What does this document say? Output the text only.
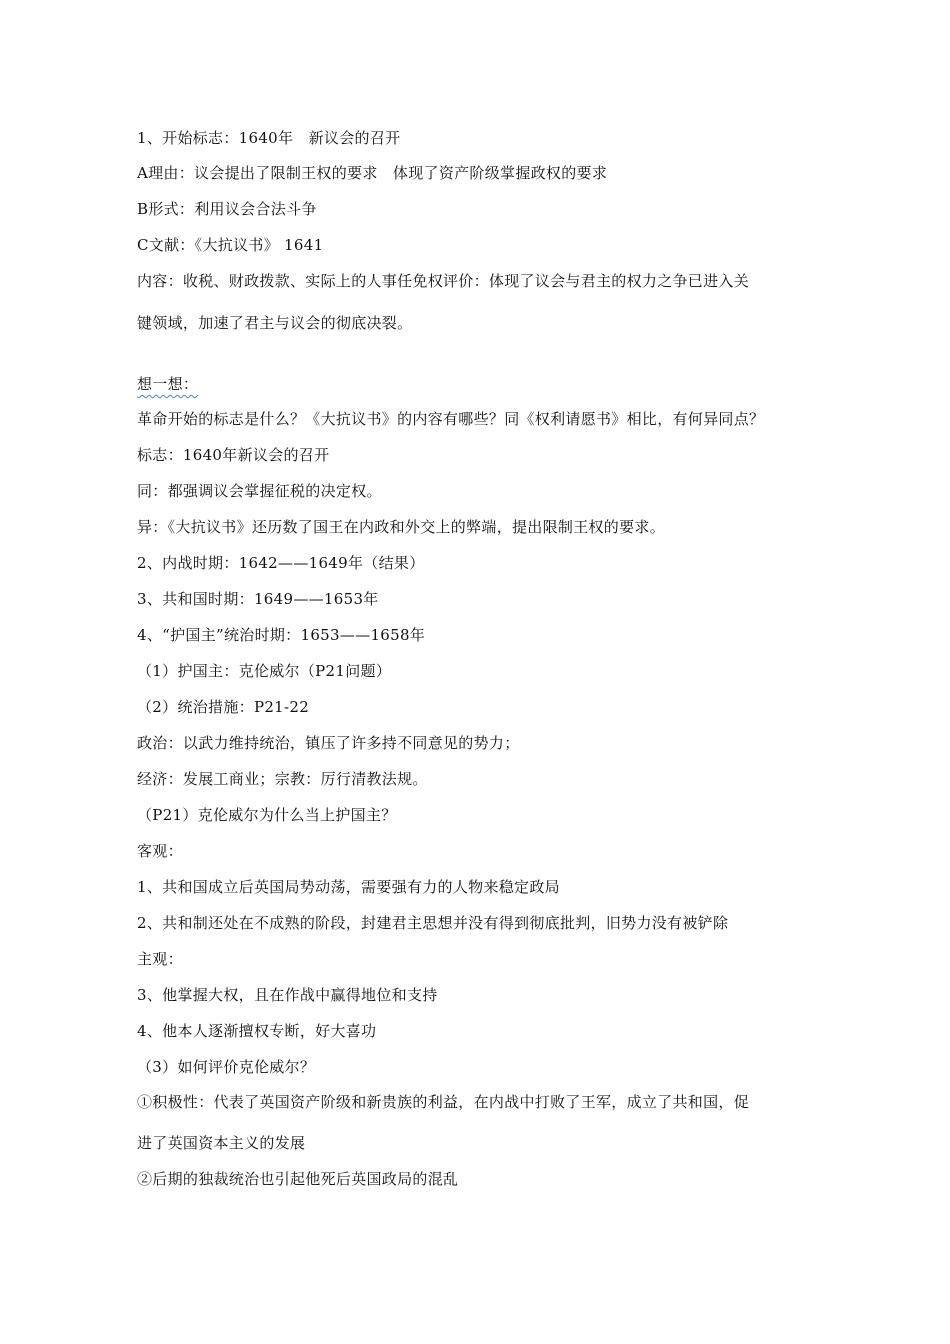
1、开始标志：1640年　新议会的召开
A理由：议会提出了限制王权的要求　体现了资产阶级掌握政权的要求
B形式：利用议会合法斗争
C文献：《大抗议书》 1641
内容：收税、财政拨款、实际上的人事任免权评价：体现了议会与君主的权力之争已进入关
键领域，加速了君主与议会的彻底决裂。
想一想：
革命开始的标志是什么？《大抗议书》的内容有哪些？同《权利请愿书》相比，有何异同点？
标志：1640年新议会的召开
同：都强调议会掌握征税的决定权。
异：《大抗议书》还历数了国王在内政和外交上的弊端，提出限制王权的要求。
2、内战时期：1642——1649年（结果）
3、共和国时期：1649——1653年
4、“护国主”统治时期：1653——1658年
（1）护国主：克伦威尔（P21问题）
（2）统治措施：P21-22
政治：以武力维持统治，镇压了许多持不同意见的势力；
经济：发展工商业；宗教：厉行清教法规。
（P21）克伦威尔为什么当上护国主？
客观：
1、共和国成立后英国局势动荡，需要强有力的人物来稳定政局
2、共和制还处在不成熟的阶段，封建君主思想并没有得到彻底批判，旧势力没有被铲除
主观：
3、他掌握大权，且在作战中赢得地位和支持
4、他本人逐渐擅权专断，好大喜功
（3）如何评价克伦威尔？
①积极性：代表了英国资产阶级和新贵族的利益，在内战中打败了王军，成立了共和国，促
进了英国资本主义的发展
②后期的独裁统治也引起他死后英国政局的混乱
